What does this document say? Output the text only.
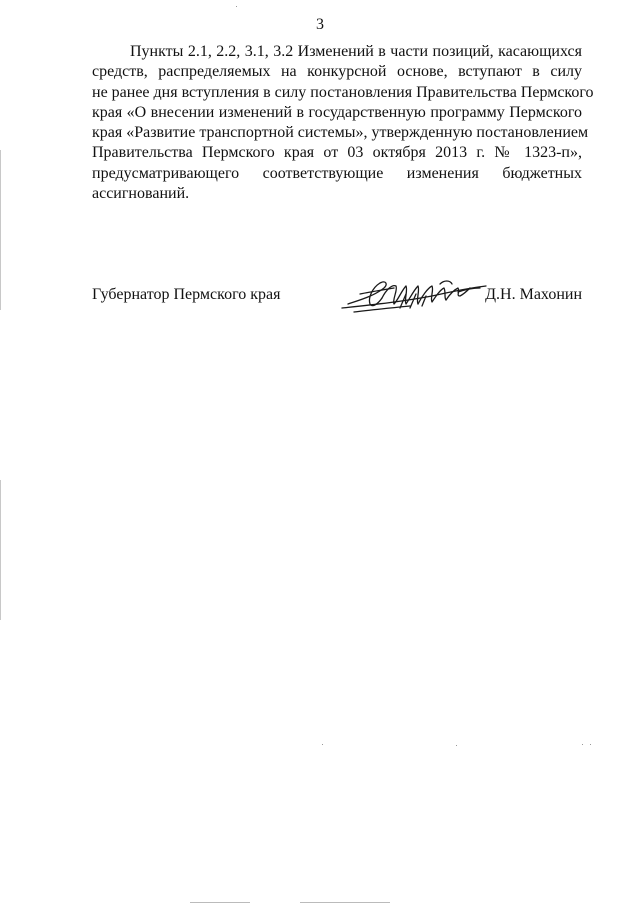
3
Пункты 2.1, 2.2, 3.1, 3.2 Изменений в части позиций, касающихся
средств, распределяемых на конкурсной основе, вступают в силу
не ранее дня вступления в силу постановления Правительства Пермского
края «О внесении изменений в государственную программу Пермского
края «Развитие транспортной системы», утвержденную постановлением
Правительства Пермского края от 03 октября 2013 г. № 1323-п»,
предусматривающего соответствующие изменения бюджетных
ассигнований.
Губернатор Пермского края	Д.Н. Махонин
